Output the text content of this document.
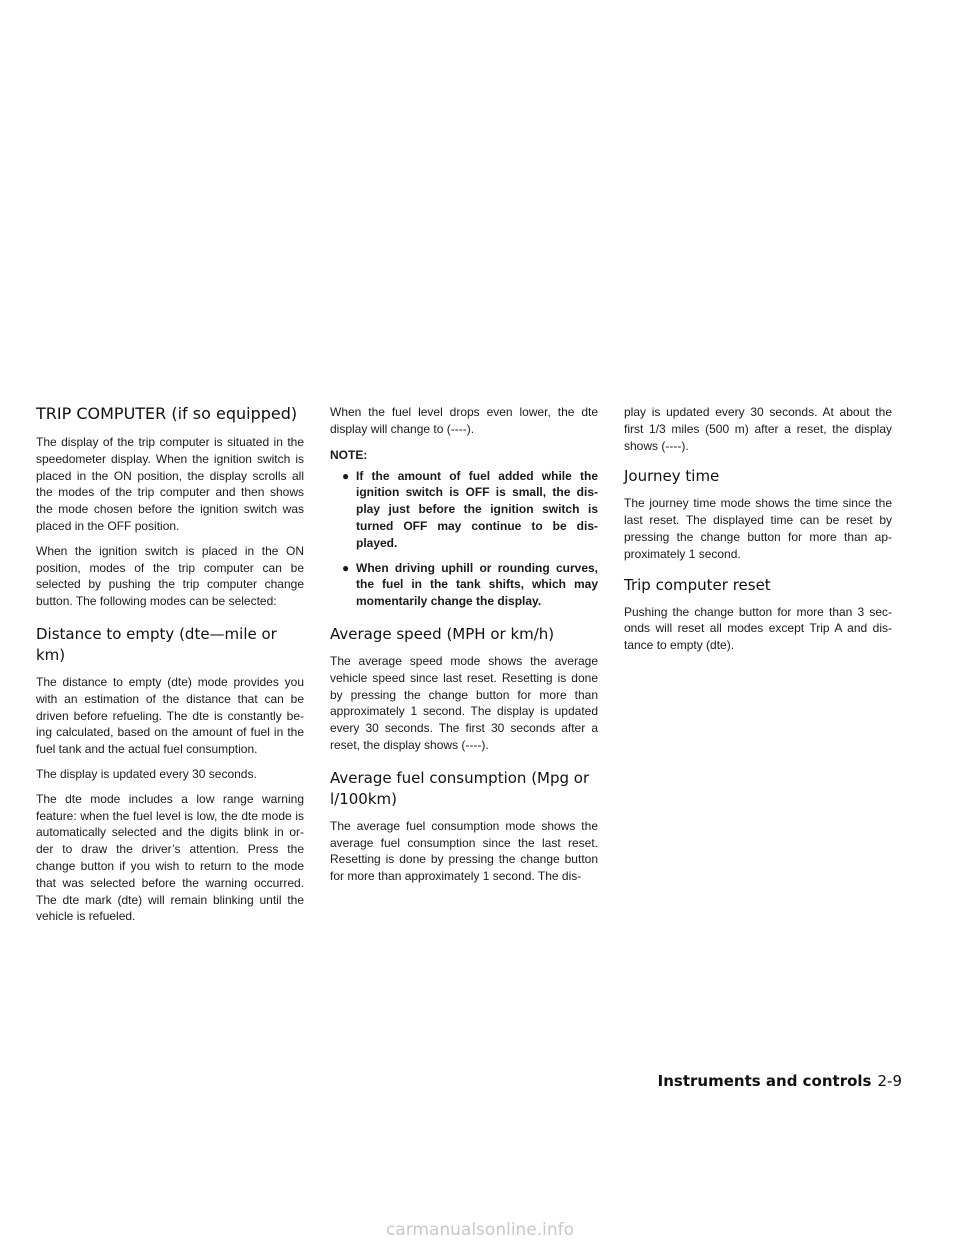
TRIP COMPUTER (if so equipped)

The display of the trip computer is situated in the speedometer display. When the ignition switch is placed in the ON position, the display scrolls all the modes of the trip computer and then shows the mode chosen before the ignition switch was placed in the OFF position.

When the ignition switch is placed in the ON position, modes of the trip computer can be selected by pushing the trip computer change button. The following modes can be selected:

Distance to empty (dte—mile or km)

The distance to empty (dte) mode provides you with an estimation of the distance that can be driven before refueling. The dte is constantly be-ing calculated, based on the amount of fuel in the fuel tank and the actual fuel consumption.

The display is updated every 30 seconds.

The dte mode includes a low range warning feature: when the fuel level is low, the dte mode is automatically selected and the digits blink in or-der to draw the driver’s attention. Press the change button if you wish to return to the mode that was selected before the warning occurred. The dte mark (dte) will remain blinking until the vehicle is refueled.

When the fuel level drops even lower, the dte display will change to (----).

NOTE:
● If the amount of fuel added while the ignition switch is OFF is small, the dis-play just before the ignition switch is turned OFF may continue to be dis-played.
● When driving uphill or rounding curves, the fuel in the tank shifts, which may momentarily change the display.
Average speed (MPH or km/h)

The average speed mode shows the average vehicle speed since last reset. Resetting is done by pressing the change button for more than approximately 1 second. The display is updated every 30 seconds. The first 30 seconds after a reset, the display shows (----).

Average fuel consumption (Mpg or l/100km)

The average fuel consumption mode shows the average fuel consumption since the last reset. Resetting is done by pressing the change button for more than approximately 1 second. The dis-

play is updated every 30 seconds. At about the first 1/3 miles (500 m) after a reset, the display shows (----).

Journey time

The journey time mode shows the time since the last reset. The displayed time can be reset by pressing the change button for more than ap-proximately 1 second.

Trip computer reset

Pushing the change button for more than 3 sec-onds will reset all modes except Trip A and dis-tance to empty (dte).

Instruments and controls 2-9
carmanualsonline.info
